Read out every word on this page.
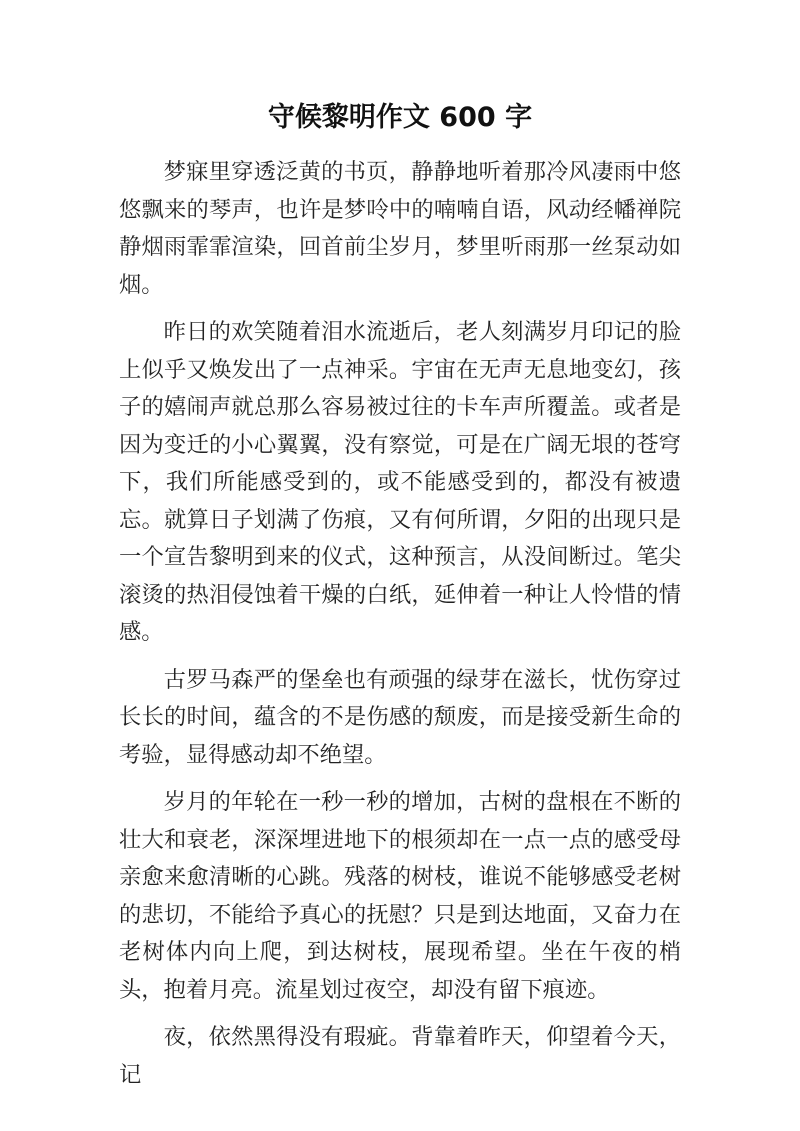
守候黎明作文 600 字

梦寐里穿透泛黄的书页，静静地听着那冷风凄雨中悠悠飘来的琴声，也许是梦呤中的喃喃自语，风动经幡禅院静烟雨霏霏渲染，回首前尘岁月，梦里听雨那一丝泵动如烟。

昨日的欢笑随着泪水流逝后，老人刻满岁月印记的脸上似乎又焕发出了一点神采。宇宙在无声无息地变幻，孩子的嬉闹声就总那么容易被过往的卡车声所覆盖。或者是因为变迁的小心翼翼，没有察觉，可是在广阔无垠的苍穹下，我们所能感受到的，或不能感受到的，都没有被遗忘。就算日子划满了伤痕，又有何所谓，夕阳的出现只是一个宣告黎明到来的仪式，这种预言，从没间断过。笔尖滚烫的热泪侵蚀着干燥的白纸，延伸着一种让人怜惜的情感。

古罗马森严的堡垒也有顽强的绿芽在滋长，忧伤穿过长长的时间，蕴含的不是伤感的颓废，而是接受新生命的考验，显得感动却不绝望。

岁月的年轮在一秒一秒的增加，古树的盘根在不断的壮大和衰老，深深埋进地下的根须却在一点一点的感受母亲愈来愈清晰的心跳。残落的树枝，谁说不能够感受老树的悲切，不能给予真心的抚慰？只是到达地面，又奋力在老树体内向上爬，到达树枝，展现希望。坐在午夜的梢头，抱着月亮。流星划过夜空，却没有留下痕迹。

夜，依然黑得没有瑕疵。背靠着昨天，仰望着今天，记
